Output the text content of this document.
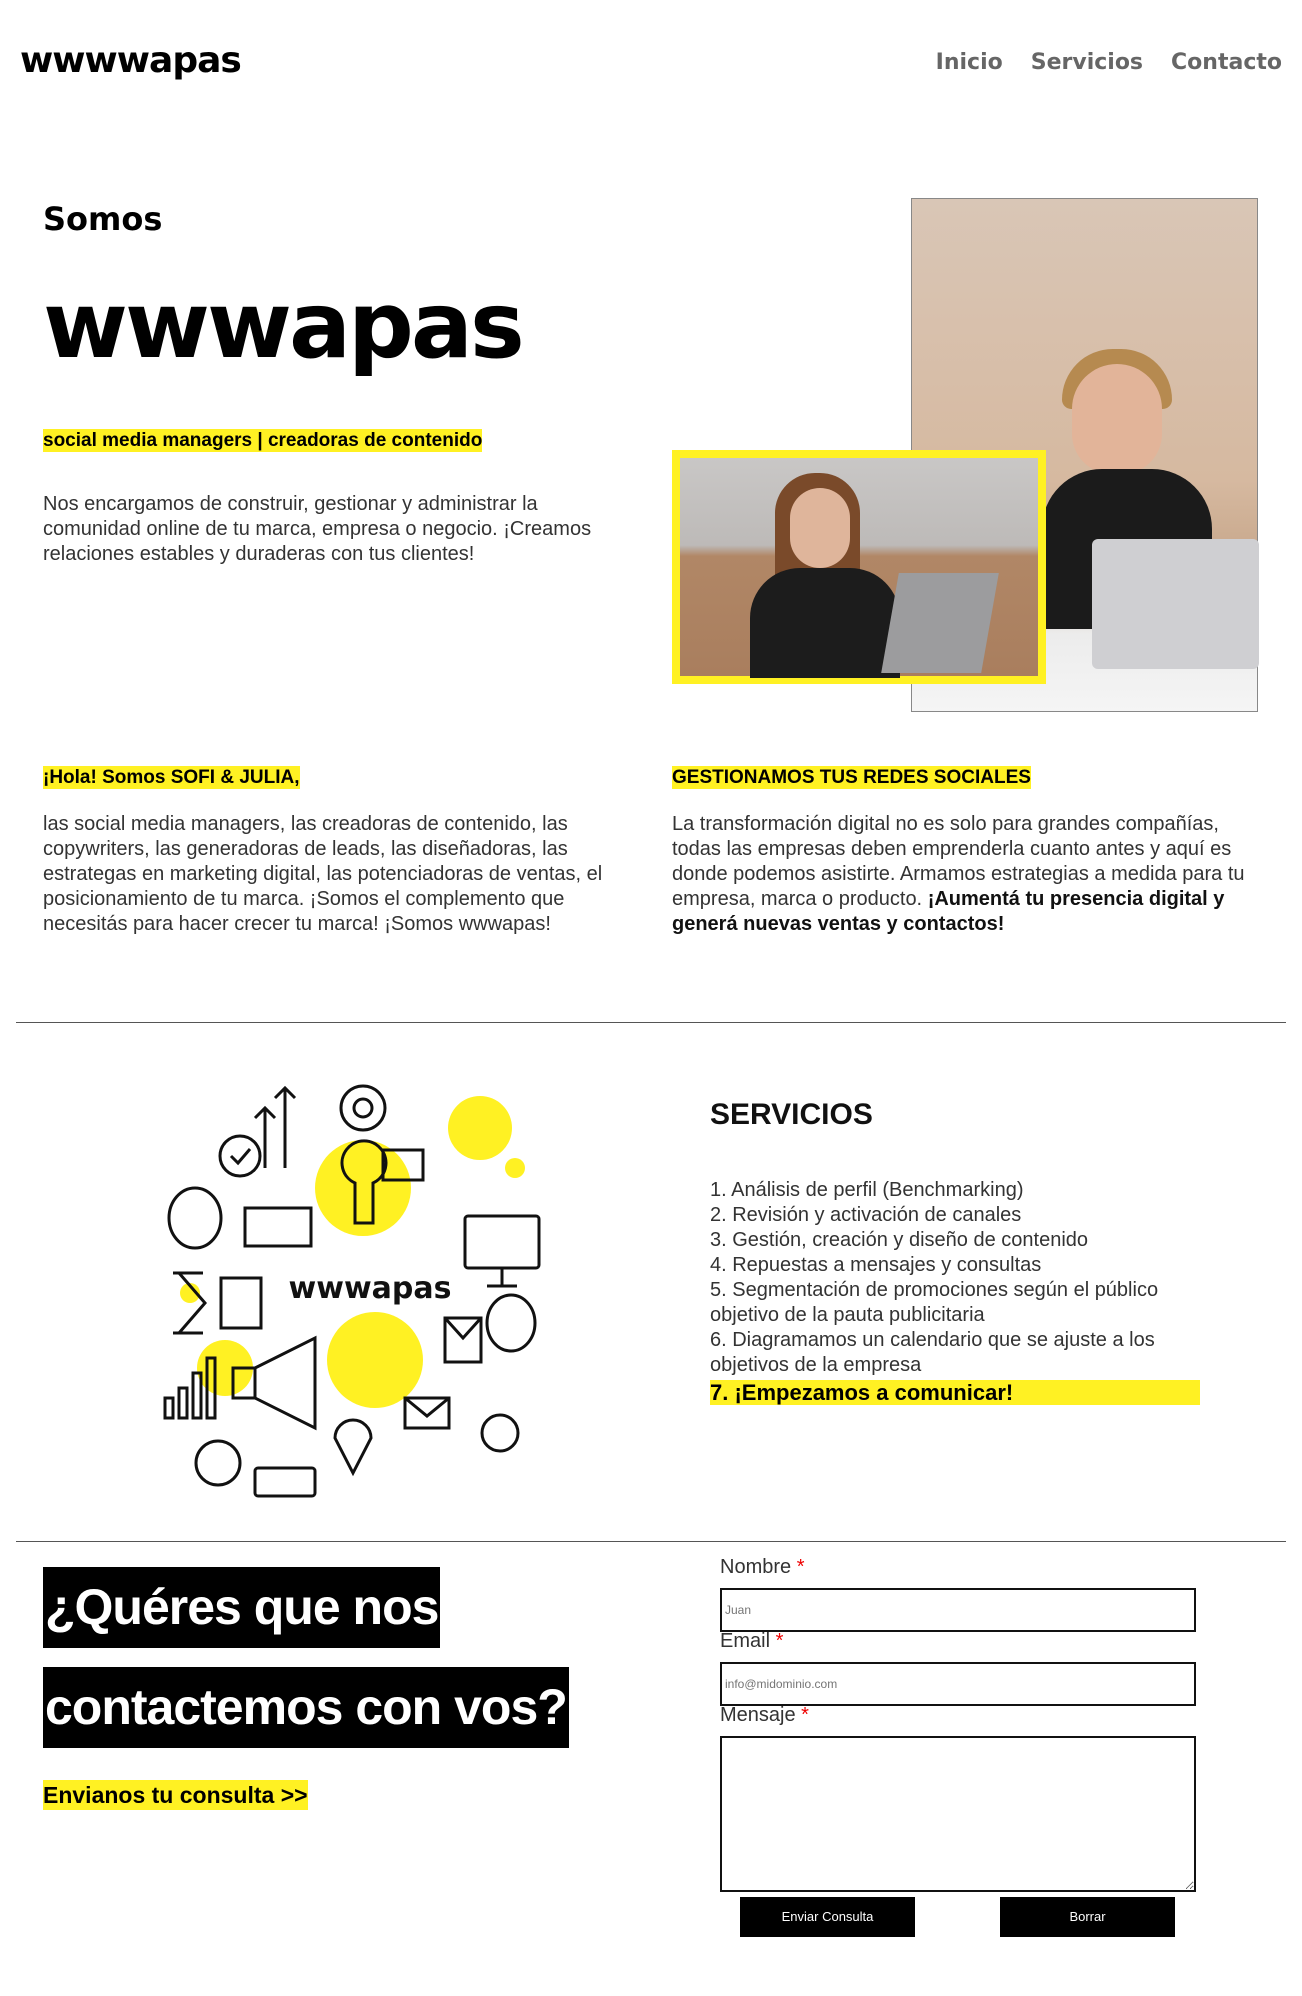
wwwwapas	Inicio Servicios Contacto
Somos
wwwapas
social media managers | creadoras de contenido

Nos encargamos de construir, gestionar y administrar la comunidad online de tu marca, empresa o negocio. ¡Creamos relaciones estables y duraderas con tus clientes!

¡Hola! Somos SOFI & JULIA,

las social media managers, las creadoras de contenido, las copywriters, las generadoras de leads, las diseñadoras, las estrategas en marketing digital, las potenciadoras de ventas, el posicionamiento de tu marca. ¡Somos el complemento que necesitás para hacer crecer tu marca! ¡Somos wwwapas!

GESTIONAMOS TUS REDES SOCIALES

La transformación digital no es solo para grandes compañías, todas las empresas deben emprenderla cuanto antes y aquí es donde podemos asistirte. Armamos estrategias a medida para tu empresa, marca o producto. ¡Aumentá tu presencia digital y generá nuevas ventas y contactos!

wwwapas
SERVICIOS
1. Análisis de perfil (Benchmarking)
2. Revisión y activación de canales
3. Gestión, creación y diseño de contenido
4. Repuestas a mensajes y consultas
5. Segmentación de promociones según el público objetivo de la pauta publicitaria
6. Diagramamos un calendario que se ajuste a los objetivos de la empresa
7. ¡Empezamos a comunicar!
¿Quéres que nos
contactemos con vos?
Envianos tu consulta >>
Nombre *
Juan
Email *
info@midominio.com
Mensaje *
Enviar Consulta	Borrar
